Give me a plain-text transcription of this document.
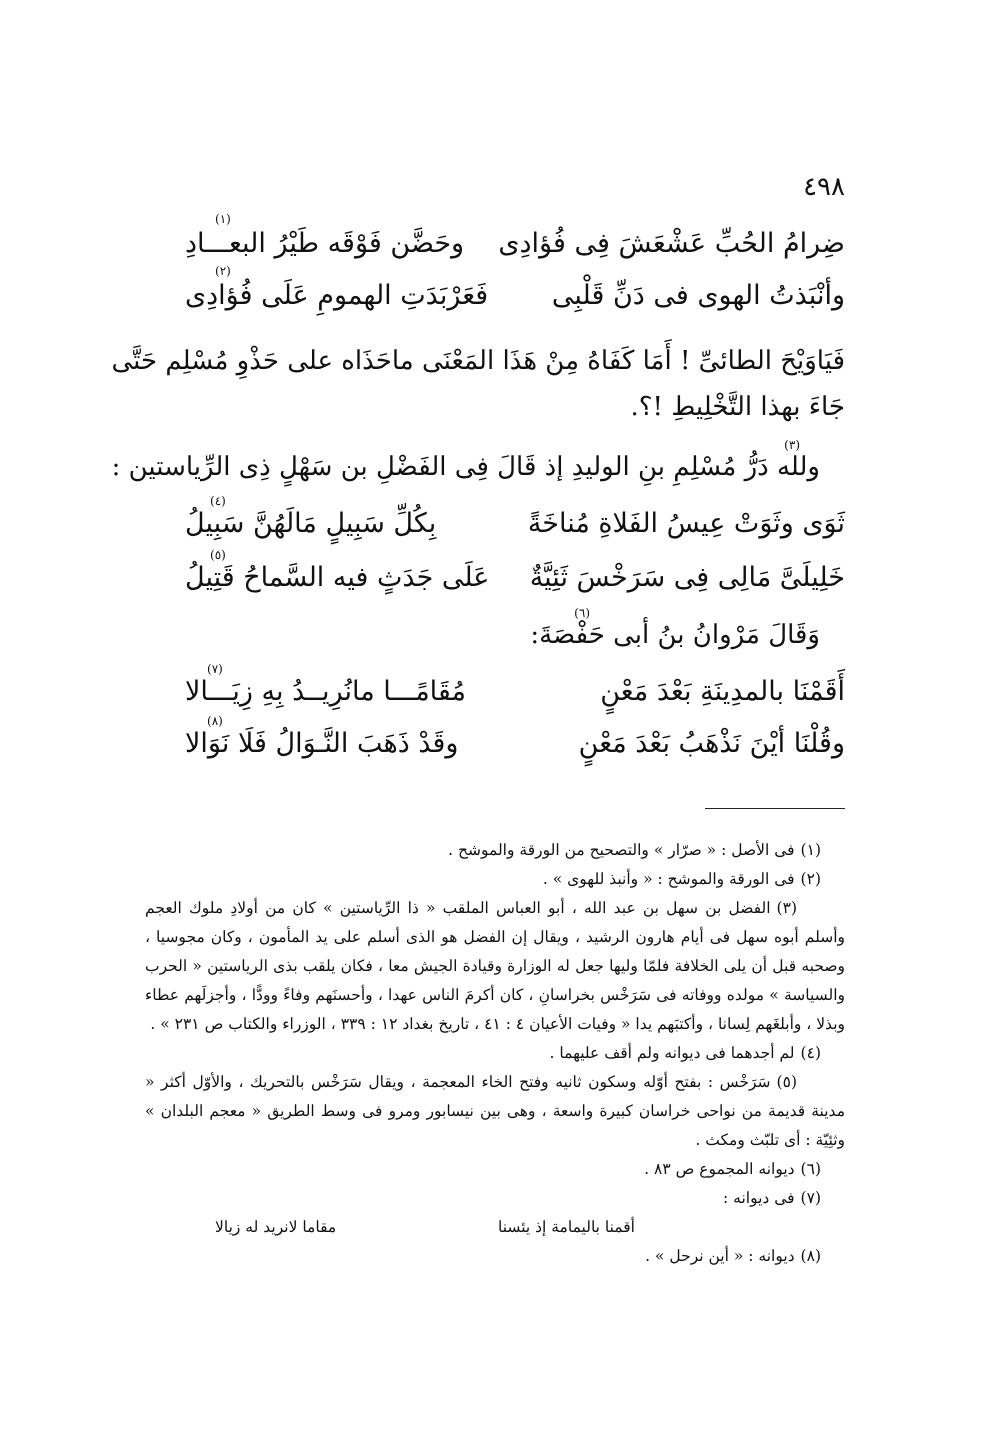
٤٩٨
ضِرامُ الحُبِّ عَشْعَشَ فِى فُؤادِى
وحَضَّن فَوْقَه طَيْرُ البعـــادِ
(١)
وأنْبَذتُ الهوى فى دَنِّ قَلْبِى
فَعَرْبَدَتِ الهمومِ عَلَى فُؤادِى
(٢)
فَيَاوَيْحَ الطائىِّ ! أَمَا كَفَاهُ مِنْ هَذَا المَعْنَى ماحَذَاه على حَذْوِ مُسْلِم حَتَّى
جَاءَ بهذا التَّخْلِيطِ !؟.
ولله دَرُّ مُسْلِمِ بنِ الوليدِ إذ قَالَ فِى الفَضْلِ بن سَهْلٍ ذِى الرِّياستين :
(٣)
ثَوَى وثَوَتْ عِيسُ الفَلاةِ مُناخَةً
بِكُلِّ سَبِيلٍ مَالَهُنَّ سَبِيلُ
(٤)
خَلِيلَىَّ مَالِى فِى سَرَخْسَ ثَئِيَّةٌ
عَلَى جَدَثٍ فيه السَّماحُ قَتِيلُ
(٥)
وَقَالَ مَرْوانُ بنُ أبى حَفْصَةَ:
(٦)
أَقَمْنَا بالمدِينَةِ بَعْدَ مَعْنٍ
مُقَامًـــا مانُرِيــدُ بِهِ زِيَـــالا
(٧)
وقُلْنَا أيْنَ نَذْهَبُ بَعْدَ مَعْنٍ
وقَدْ ذَهَبَ النَّـوَالُ فَلَا نَوَالا
(٨)

(١)فى الأصل : « صرّار » والتصحيح من الورقة والموشح .

(٢)فى الورقة والموشح : « وأنبذ للهوى » .

(٣)الفضل بن سهل بن عبد الله ، أبو العباس الملقب « ذا الرِّياستين » كان من أولادِ ملوك العجم وأسلم أبوه سهل فى أيام هارون الرشيد ، ويقال إن الفضل هو الذى أسلم على يد المأمون ، وكان مجوسيا ، وصحبه قبل أن يلى الخلافة فلمّا وليها جعل له الوزارة وقيادة الجيش معا ، فكان يلقب بذى الرياستين « الحرب والسياسة » مولده ووفاته فى سَرَخْس بخراسانِ ، كان أكرمَ الناس عهدا ، وأحسنَهم وفاءً وودًّا ، وأجزلَهم عطاء وبذلا ، وأبلغَهم لِسانا ، وأكتبَهم يدا « وفيات الأعيان ٤ : ٤١ ، تاريخ بغداد ١٢ : ٣٣٩ ، الوزراء والكتاب ص ٢٣١ » .

(٤)لم أجدهما فى ديوانه ولم أقف عليهما .

(٥)سَرَخْس : بفتح أوّله وسكون ثانيه وفتح الخاء المعجمة ، ويقال سَرَخْس بالتحريك ، والأوّل أكثر « مدينة قديمة من نواحى خراسان كبيرة واسعة ، وهى بين نيسابور ومرو فى وسط الطريق « معجم البلدان » وثئِيّة : أى تلبّث ومكث .

(٦)ديوانه المجموع ص ٨٣ .

(٧)فى ديوانه :

أقمنا باليمامة إذ يئسنا
مقاما لانريد له زيالا

(٨)ديوانه : « أين نرحل » .
